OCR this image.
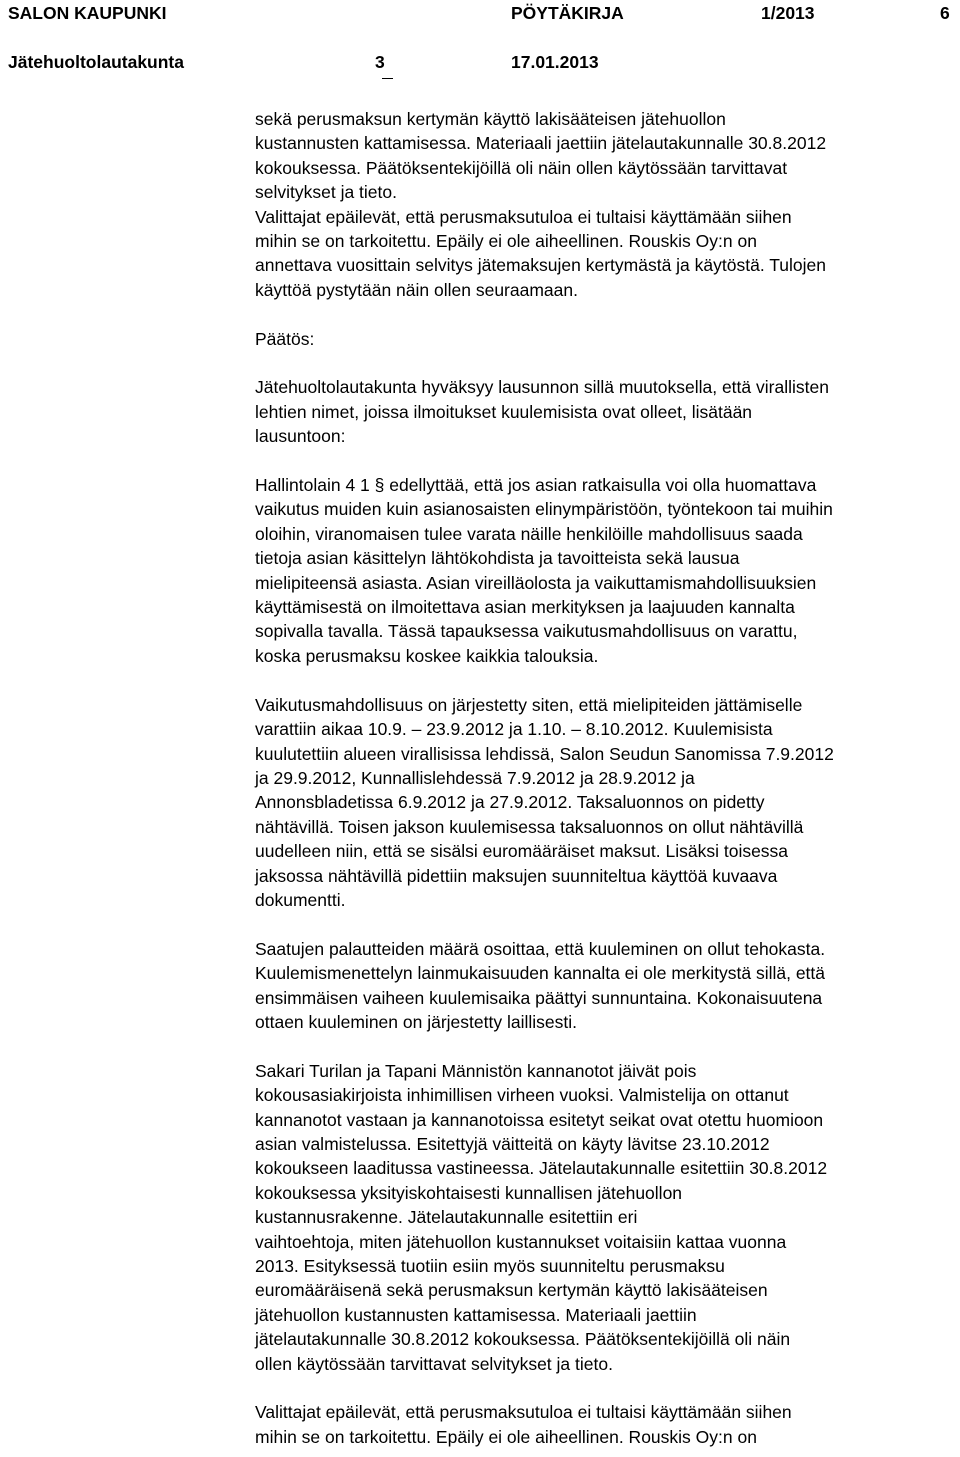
SALON KAUPUNKI	PÖYTÄKIRJA	1/2013	6
Jätehuoltolautakunta	3	17.01.2013

sekä perusmaksun kertymän käyttö lakisääteisen jätehuollon
kustannusten kattamisessa. Materiaali jaettiin jätelautakunnalle 30.8.2012
kokouksessa. Päätöksentekijöillä oli näin ollen käytössään tarvittavat
selvitykset ja tieto.
Valittajat epäilevät, että perusmaksutuloa ei tultaisi käyttämään siihen
mihin se on tarkoitettu. Epäily ei ole aiheellinen. Rouskis Oy:n on
annettava vuosittain selvitys jätemaksujen kertymästä ja käytöstä. Tulojen
käyttöä pystytään näin ollen seuraamaan.

Päätös:

Jätehuoltolautakunta hyväksyy lausunnon sillä muutoksella, että virallisten
lehtien nimet, joissa ilmoitukset kuulemisista ovat olleet, lisätään
lausuntoon:

Hallintolain 4 1 § edellyttää, että jos asian ratkaisulla voi olla huomattava
vaikutus muiden kuin asianosaisten elinympäristöön, työntekoon tai muihin
oloihin, viranomaisen tulee varata näille henkilöille mahdollisuus saada
tietoja asian käsittelyn lähtökohdista ja tavoitteista sekä lausua
mielipiteensä asiasta. Asian vireilläolosta ja vaikuttamismahdollisuuksien
käyttämisestä on ilmoitettava asian merkityksen ja laajuuden kannalta
sopivalla tavalla. Tässä tapauksessa vaikutusmahdollisuus on varattu,
koska perusmaksu koskee kaikkia talouksia.

Vaikutusmahdollisuus on järjestetty siten, että mielipiteiden jättämiselle
varattiin aikaa 10.9. – 23.9.2012 ja 1.10. – 8.10.2012. Kuulemisista
kuulutettiin alueen virallisissa lehdissä, Salon Seudun Sanomissa 7.9.2012
ja 29.9.2012, Kunnallislehdessä 7.9.2012 ja 28.9.2012 ja
Annonsbladetissa 6.9.2012 ja 27.9.2012. Taksaluonnos on pidetty
nähtävillä. Toisen jakson kuulemisessa taksaluonnos on ollut nähtävillä
uudelleen niin, että se sisälsi euromääräiset maksut. Lisäksi toisessa
jaksossa nähtävillä pidettiin maksujen suunniteltua käyttöä kuvaava
dokumentti.

Saatujen palautteiden määrä osoittaa, että kuuleminen on ollut tehokasta.
Kuulemismenettelyn lainmukaisuuden kannalta ei ole merkitystä sillä, että
ensimmäisen vaiheen kuulemisaika päättyi sunnuntaina. Kokonaisuutena
ottaen kuuleminen on järjestetty laillisesti.

Sakari Turilan ja Tapani Männistön kannanotot jäivät pois
kokousasiakirjoista inhimillisen virheen vuoksi. Valmistelija on ottanut
kannanotot vastaan ja kannanotoissa esitetyt seikat ovat otettu huomioon
asian valmistelussa. Esitettyjä väitteitä on käyty lävitse 23.10.2012
kokoukseen laaditussa vastineessa. Jätelautakunnalle esitettiin 30.8.2012
kokouksessa yksityiskohtaisesti kunnallisen jätehuollon
kustannusrakenne. Jätelautakunnalle esitettiin eri
vaihtoehtoja, miten jätehuollon kustannukset voitaisiin kattaa vuonna
2013. Esityksessä tuotiin esiin myös suunniteltu perusmaksu
euromääräisenä sekä perusmaksun kertymän käyttö lakisääteisen
jätehuollon kustannusten kattamisessa. Materiaali jaettiin
jätelautakunnalle 30.8.2012 kokouksessa. Päätöksentekijöillä oli näin
ollen käytössään tarvittavat selvitykset ja tieto.

Valittajat epäilevät, että perusmaksutuloa ei tultaisi käyttämään siihen
mihin se on tarkoitettu. Epäily ei ole aiheellinen. Rouskis Oy:n on
